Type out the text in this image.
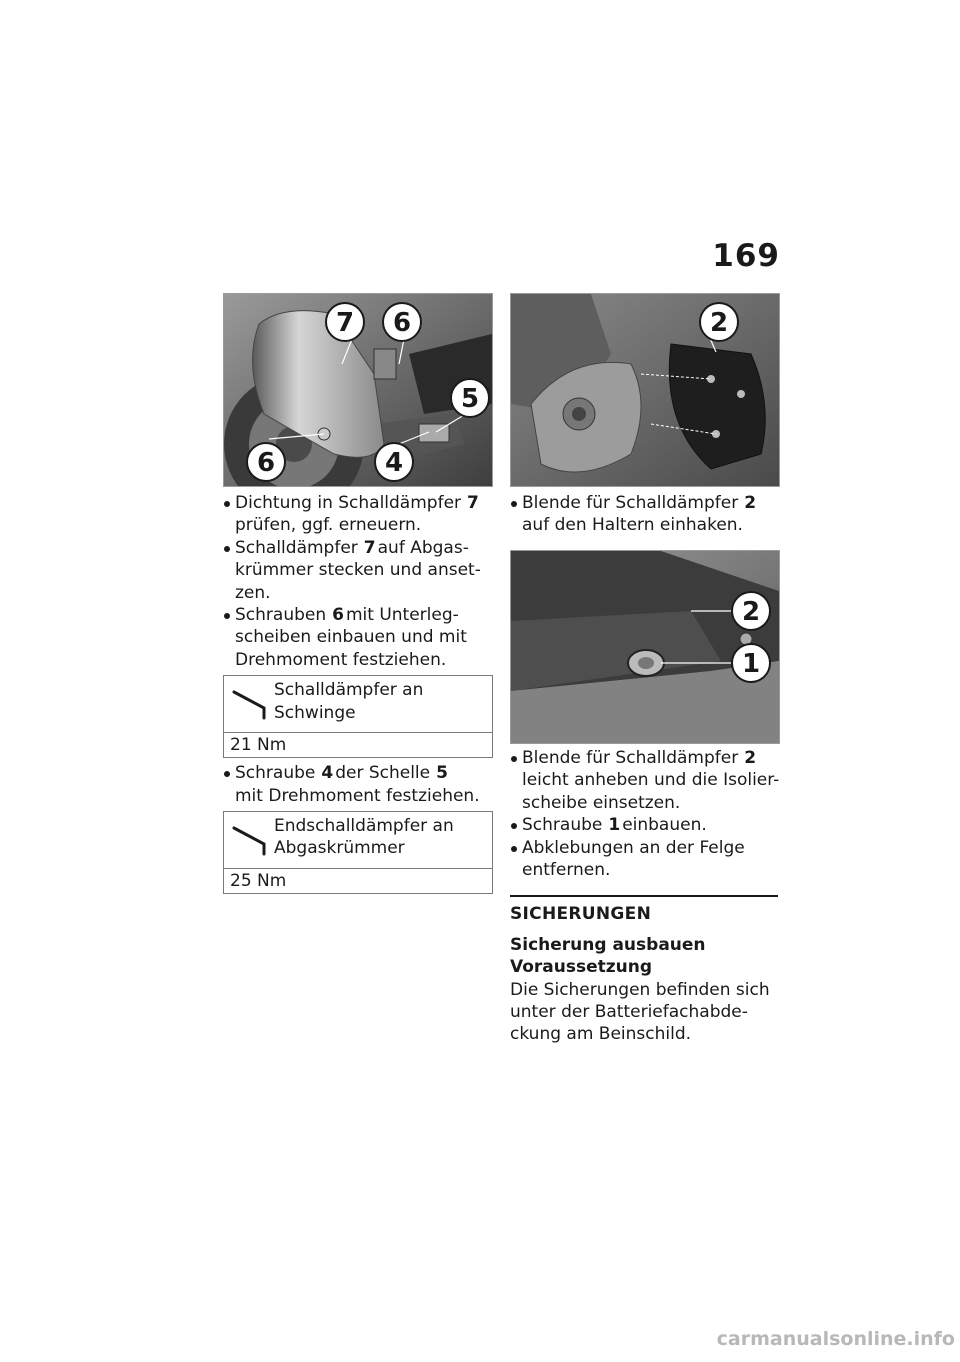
169
7 6
5
6	4
2
2
1
Dichtung in Schalldämpfer 7
prüfen, ggf. erneuern.
Schalldämpfer 7 auf Abgas-krümmer stecken und anset-zen.
Schrauben 6 mit Unterleg-scheiben einbauen und mit Drehmoment festziehen.
Schalldämpfer an
Schwinge
21 Nm
Schraube 4 der Schelle 5
mit Drehmoment festziehen.
Endschalldämpfer an
Abgaskrümmer
25 Nm
Blende für Schalldämpfer 2
auf den Haltern einhaken.
Blende für Schalldämpfer 2
leicht anheben und die Isolier-scheibe einsetzen.
Schraube 1 einbauen.
Abklebungen an der Felge
entfernen.
SICHERUNGEN
Sicherung ausbauen
Voraussetzung
Die Sicherungen befinden sich unter der Batteriefachabde-ckung am Beinschild.
carmanualsonline.info
